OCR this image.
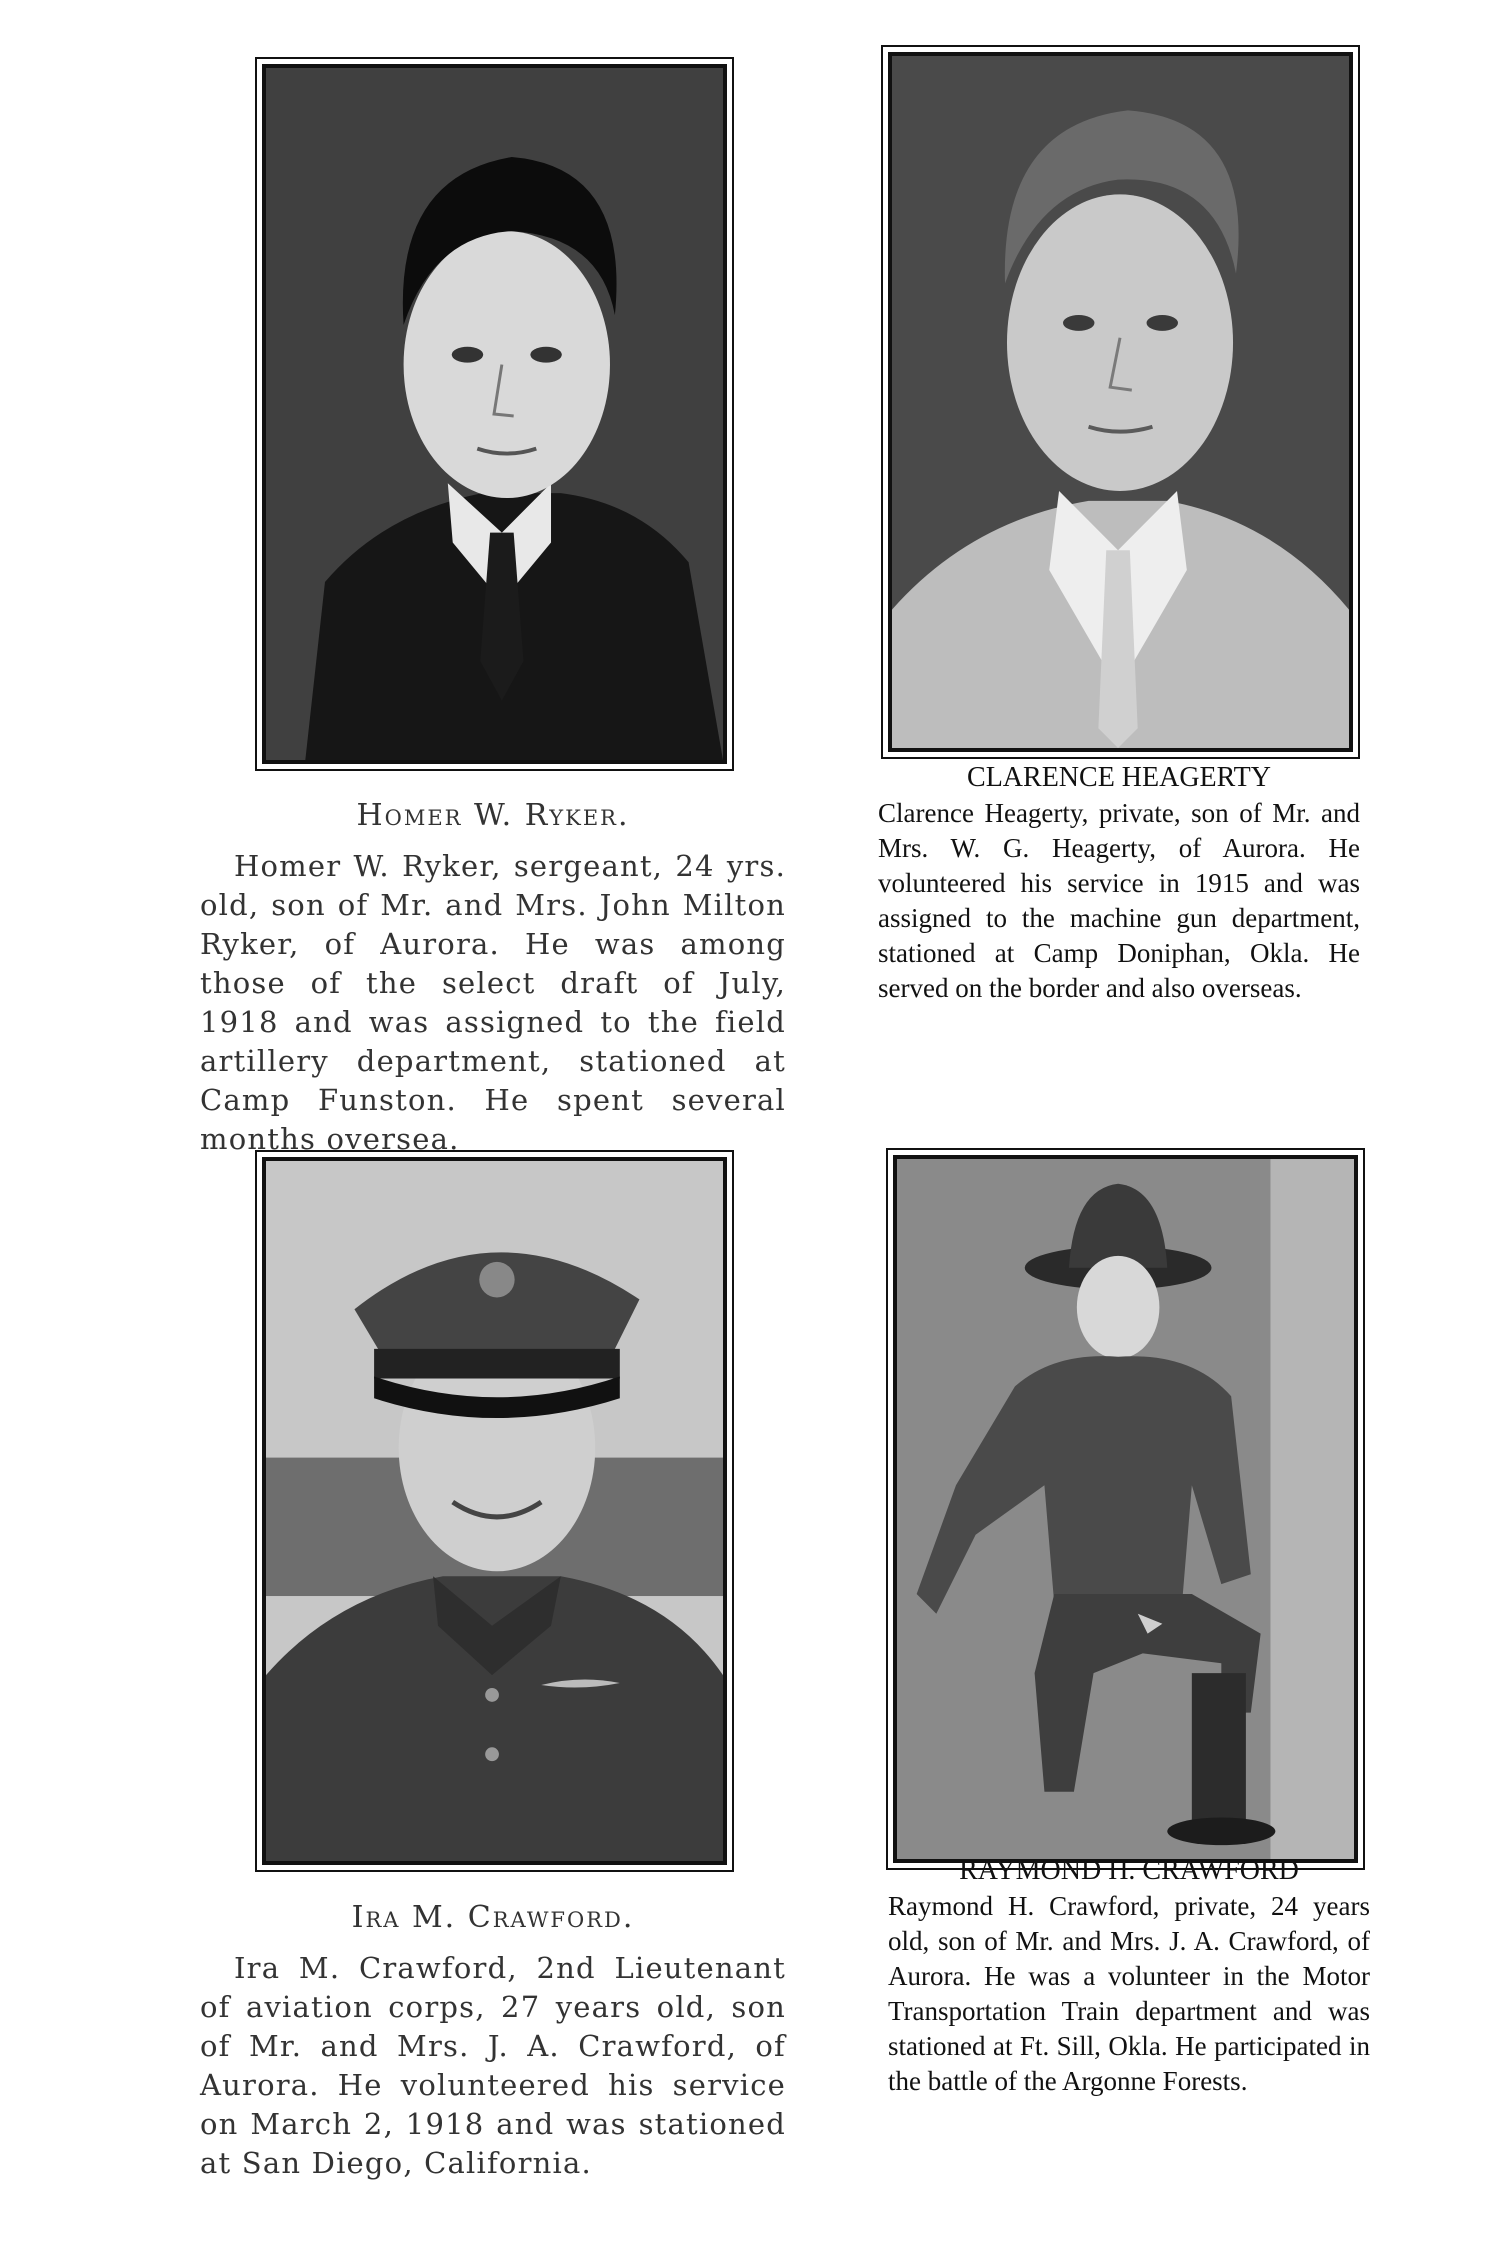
Homer W. Ryker.

Homer W. Ryker, sergeant, 24 yrs. old, son of Mr. and Mrs. John Milton Ryker, of Aurora. He was among those of the select draft of July, 1918 and was assigned to the field artillery department, stationed at Camp Funston. He spent several months oversea.

CLARENCE HEAGERTY

Clarence Heagerty, private, son of Mr. and Mrs. W. G. Heagerty, of Aurora. He volunteered his service in 1915 and was assigned to the machine gun department, stationed at Camp Doniphan, Okla. He served on the border and also overseas.

Ira M. Crawford.

Ira M. Crawford, 2nd Lieutenant of aviation corps, 27 years old, son of Mr. and Mrs. J. A. Crawford, of Aurora. He volunteered his service on March 2, 1918 and was stationed at San Diego, California.

RAYMOND H. CRAWFORD

Raymond H. Crawford, private, 24 years old, son of Mr. and Mrs. J. A. Crawford, of Aurora. He was a volunteer in the Motor Transportation Train department and was stationed at Ft. Sill, Okla. He participated in the battle of the Argonne Forests.
